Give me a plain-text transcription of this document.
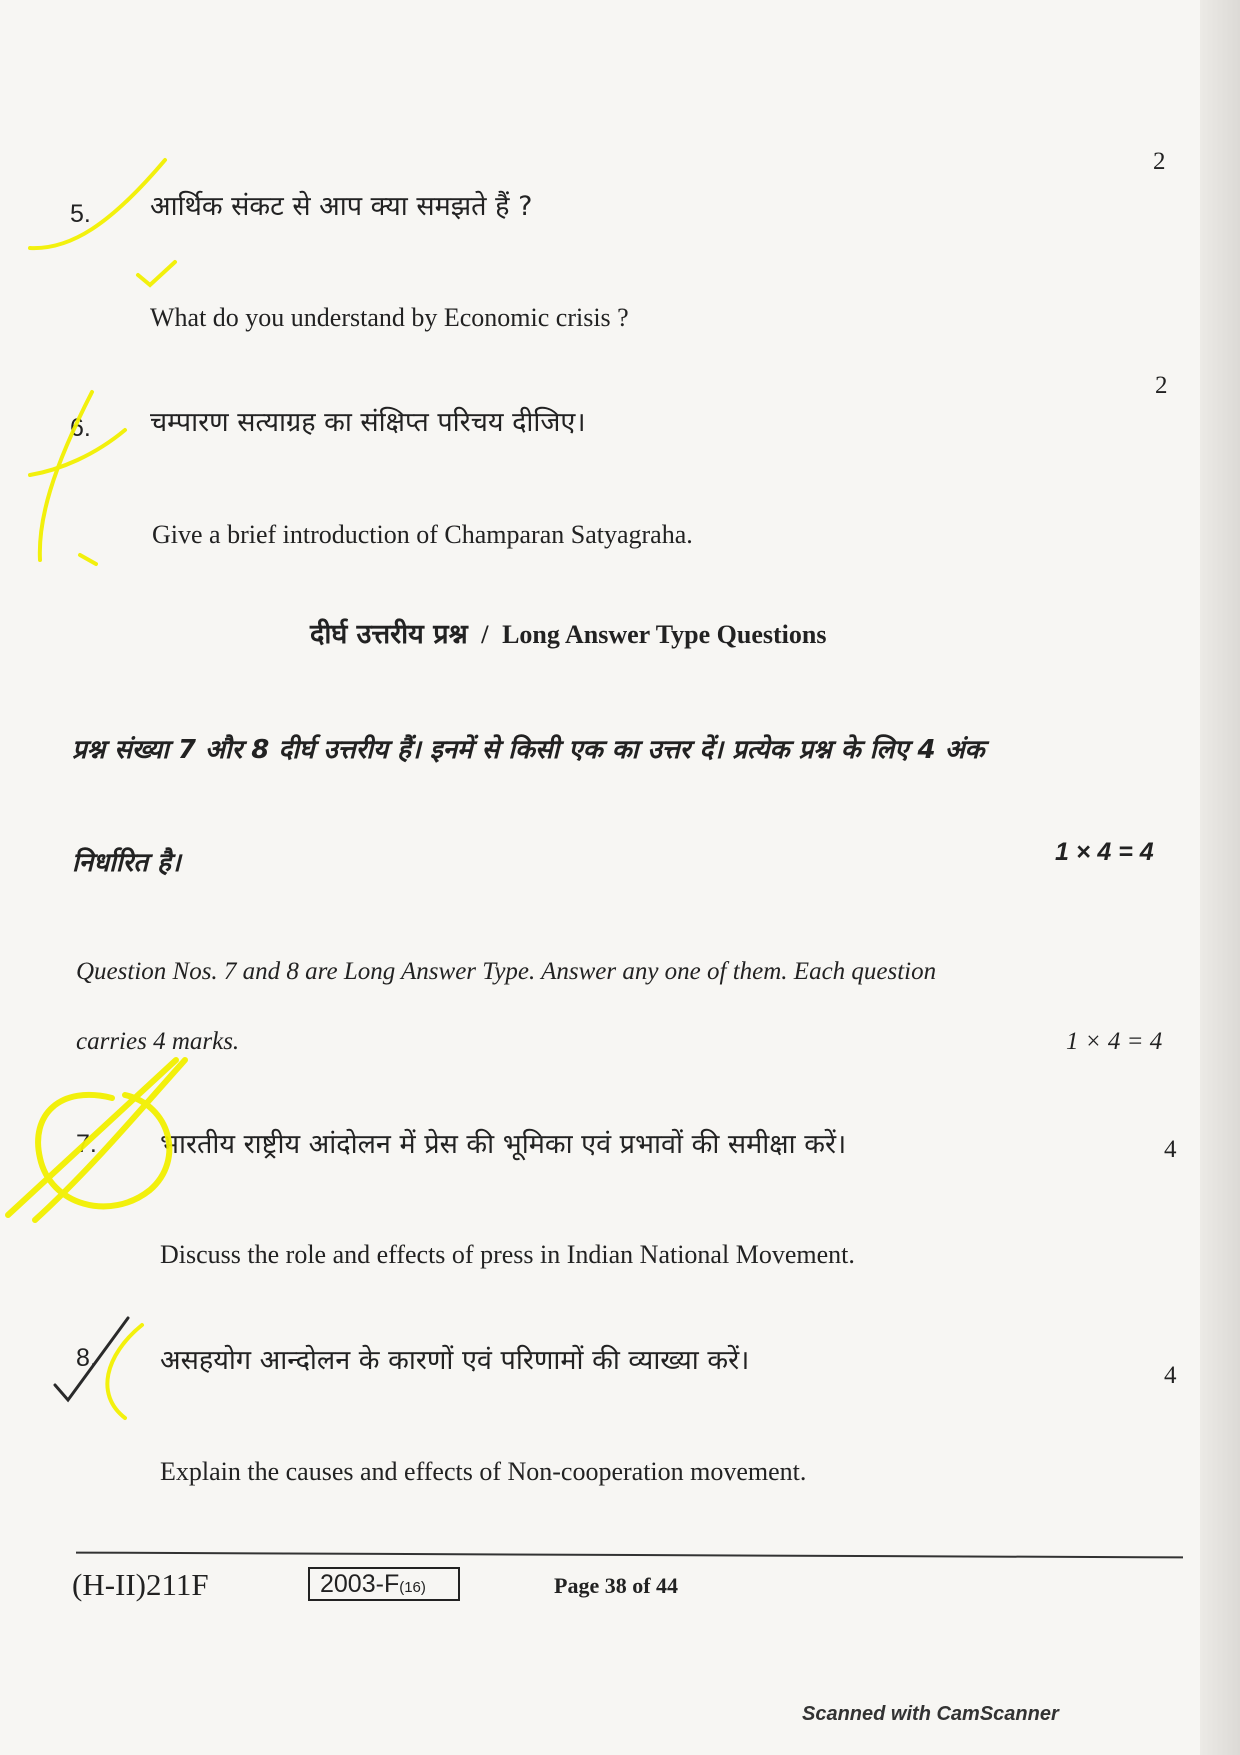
2
5. आर्थिक संकट से आप क्या समझते हैं ?
What do you understand by Economic crisis ?
2
6. चम्पारण सत्याग्रह का संक्षिप्त परिचय दीजिए।
Give a brief introduction of Champaran Satyagraha.
दीर्घ उत्तरीय प्रश्न / Long Answer Type Questions
प्रश्न संख्या 7 और 8 दीर्घ उत्तरीय हैं। इनमें से किसी एक का उत्तर दें। प्रत्येक प्रश्न के लिए 4 अंक
निर्धारित है।	1 × 4 = 4
Question Nos. 7 and 8 are Long Answer Type. Answer any one of them. Each question
carries 4 marks.	1 × 4 = 4
7. भारतीय राष्ट्रीय आंदोलन में प्रेस की भूमिका एवं प्रभावों की समीक्षा करें।	4
Discuss the role and effects of press in Indian National Movement.
8. असहयोग आन्दोलन के कारणों एवं परिणामों की व्याख्या करें।	4
Explain the causes and effects of Non-cooperation movement.
(H-II)211F	2003-F(16)	Page 38 of 44
Scanned with CamScanner
